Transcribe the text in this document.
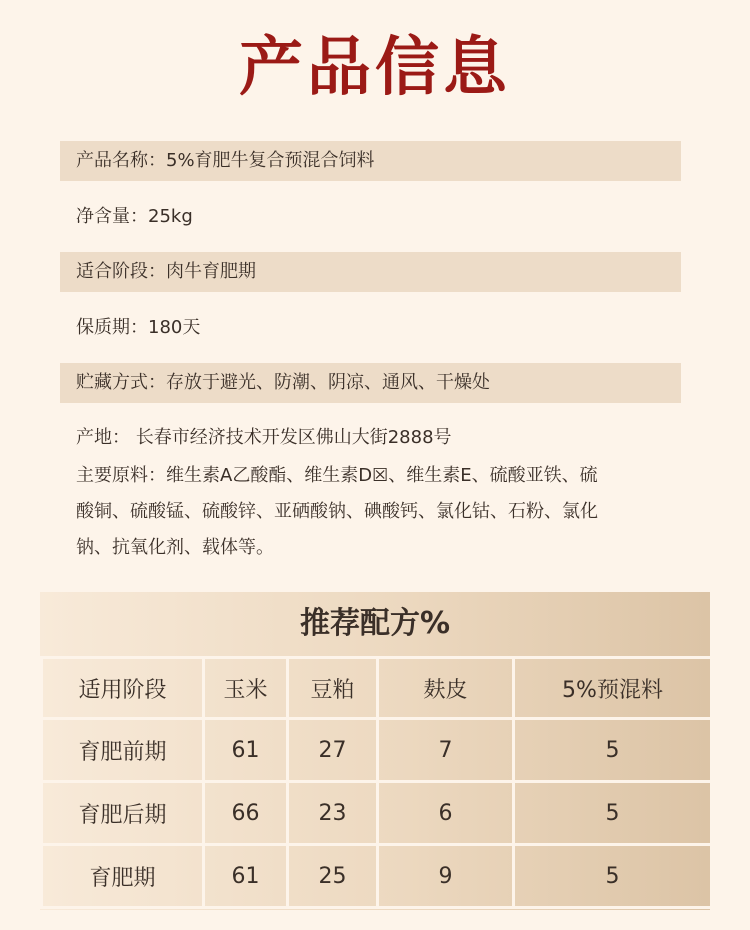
产品信息
产品名称：5%育肥牛复合预混合饲料
净含量：25kg
适合阶段：肉牛育肥期
保质期：180天
贮藏方式：存放于避光、防潮、阴凉、通风、干燥处
产地： 长春市经济技术开发区佛山大街2888号
主要原料：维生素A乙酸酯、维生素D☒、维生素E、硫酸亚铁、硫
酸铜、硫酸锰、硫酸锌、亚硒酸钠、碘酸钙、氯化钴、石粉、氯化
钠、抗氧化剂、载体等。
推荐配方%
适用阶段	玉米	豆粕	麸皮	5%预混料
育肥前期	61	27	7	5
育肥后期	66	23	6	5
育肥期	61	25	9	5
